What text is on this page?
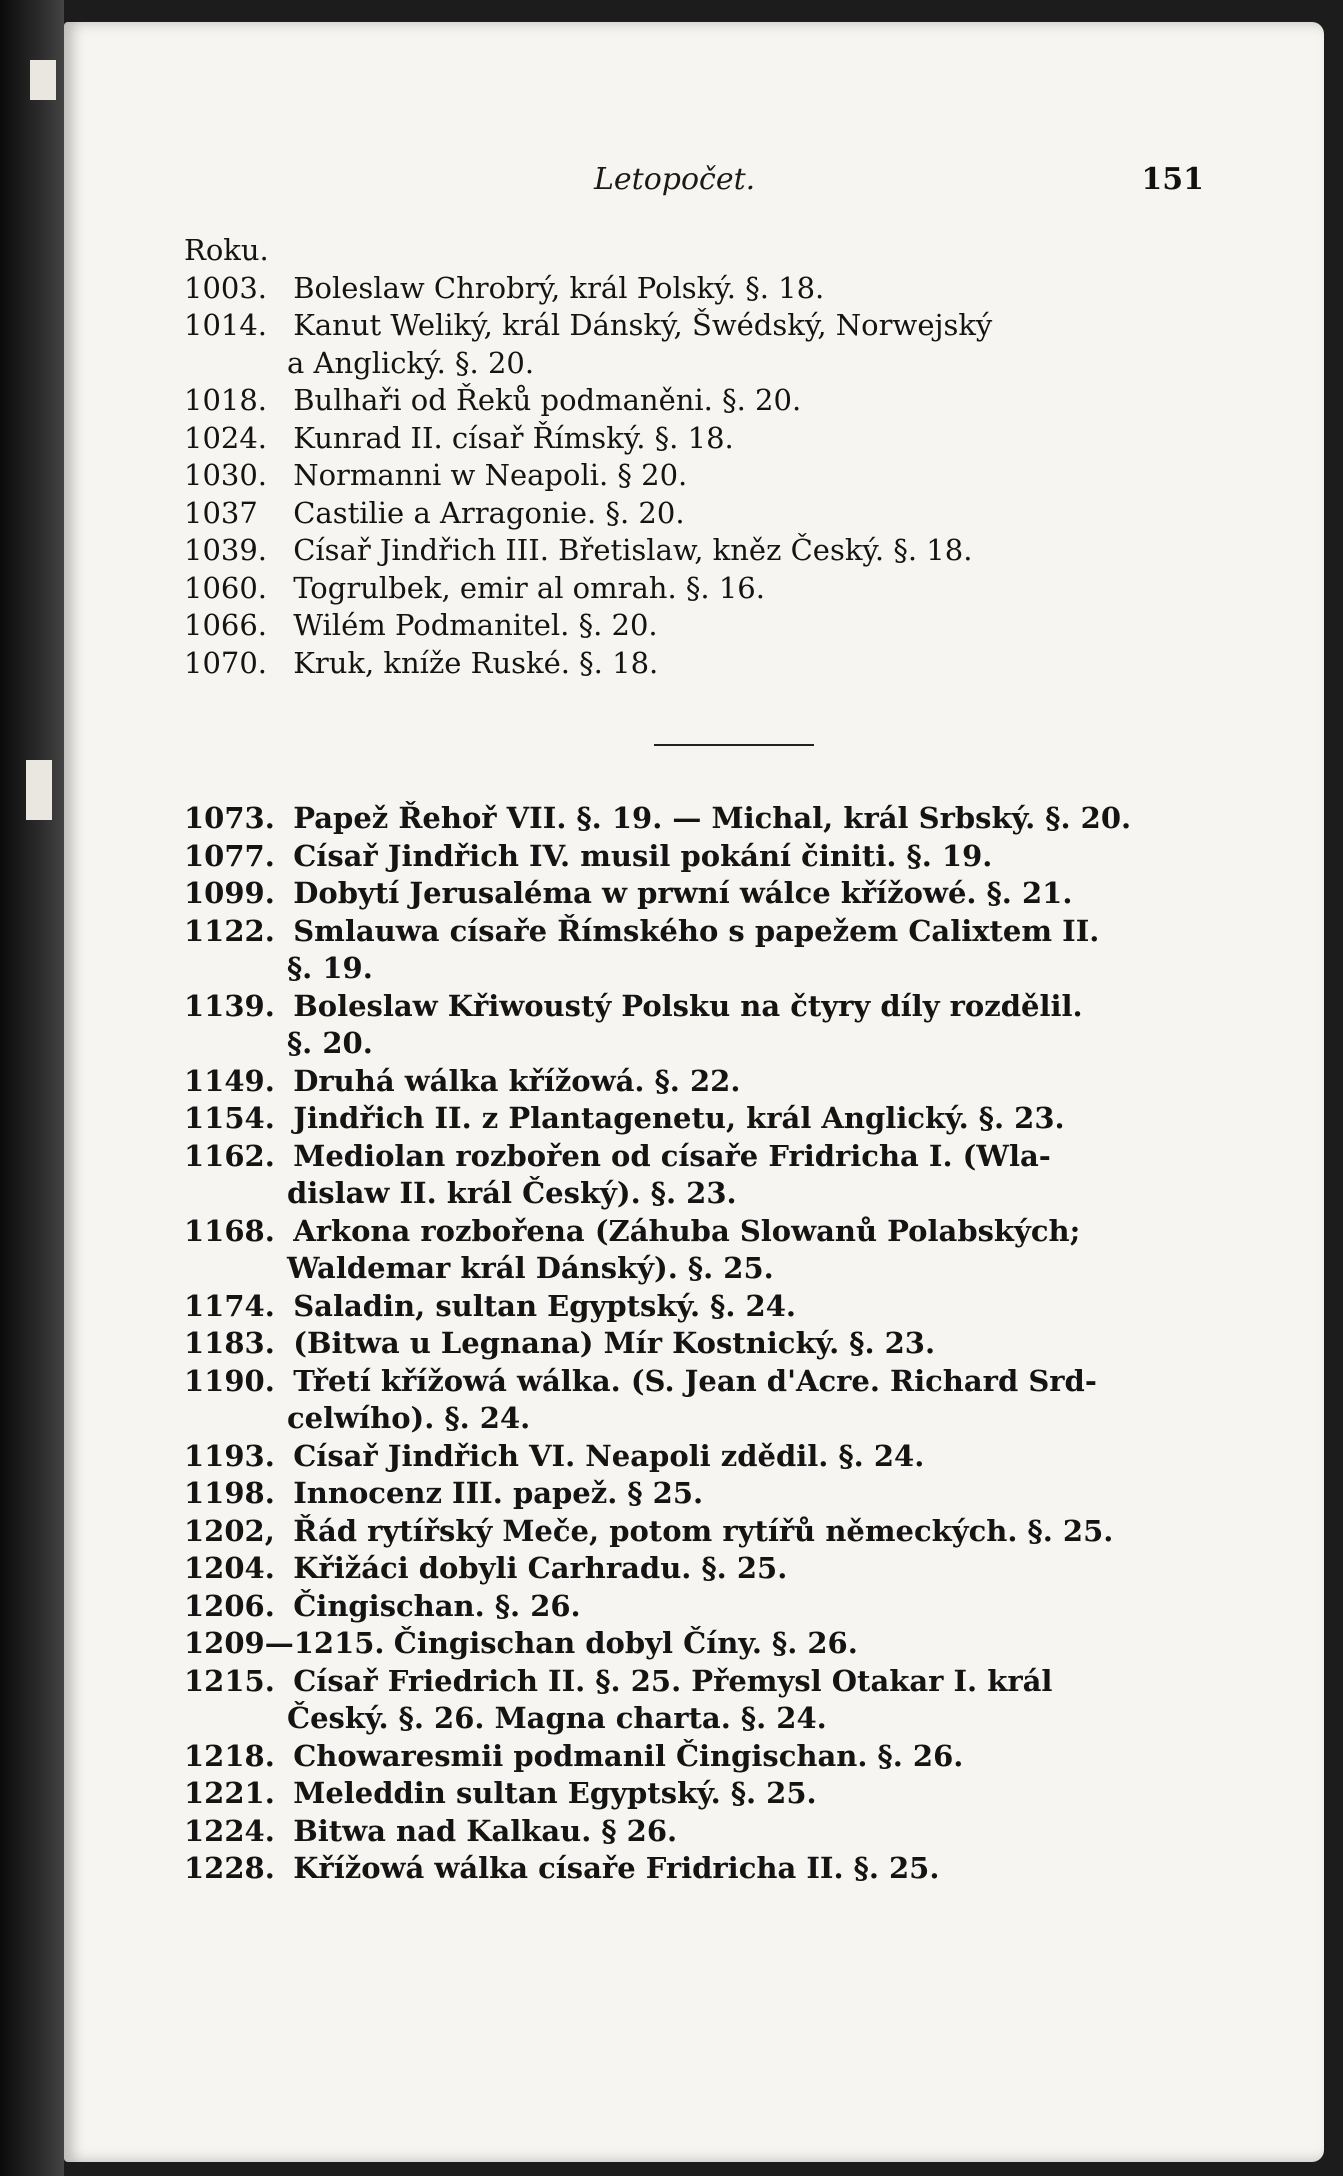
Letopočet.	151
Roku.
1003. Boleslaw Chrobrý, král Polský. §. 18.
1014. Kanut Weliký, král Dánský, Šwédský, Norwejský
a Anglický. §. 20.
1018. Bulhaři od Řeků podmaněni. §. 20.
1024. Kunrad II. císař Římský. §. 18.
1030. Normanni w Neapoli. § 20.
1037 Castilie a Arragonie. §. 20.
1039. Císař Jindřich III. Břetislaw, kněz Český. §. 18.
1060. Togrulbek, emir al omrah. §. 16.
1066. Wilém Podmanitel. §. 20.
1070. Kruk, kníže Ruské. §. 18.
1073. Papež Řehoř VII. §. 19. — Michal, král Srbský. §. 20.
1077. Císař Jindřich IV. musil pokání činiti. §. 19.
1099. Dobytí Jerusaléma w prwní wálce křížowé. §. 21.
1122. Smlauwa císaře Římského s papežem Calixtem II.
§. 19.
1139. Boleslaw Křiwoustý Polsku na čtyry díly rozdělil.
§. 20.
1149. Druhá wálka křížowá. §. 22.
1154. Jindřich II. z Plantagenetu, král Anglický. §. 23.
1162. Mediolan rozbořen od císaře Fridricha I. (Wla-
dislaw II. král Český). §. 23.
1168. Arkona rozbořena (Záhuba Slowanů Polabských;
Waldemar král Dánský). §. 25.
1174. Saladin, sultan Egyptský. §. 24.
1183. (Bitwa u Legnana) Mír Kostnický. §. 23.
1190. Třetí křížowá wálka. (S. Jean d'Acre. Richard Srd-
celwího). §. 24.
1193. Císař Jindřich VI. Neapoli zdědil. §. 24.
1198. Innocenz III. papež. § 25.
1202, Řád rytířský Meče, potom rytířů německých. §. 25.
1204. Křižáci dobyli Carhradu. §. 25.
1206. Čingischan. §. 26.
1209—1215. Čingischan dobyl Číny. §. 26.
1215. Císař Friedrich II. §. 25. Přemysl Otakar I. král
Český. §. 26. Magna charta. §. 24.
1218. Chowaresmii podmanil Čingischan. §. 26.
1221. Meleddin sultan Egyptský. §. 25.
1224. Bitwa nad Kalkau. § 26.
1228. Křížowá wálka císaře Fridricha II. §. 25.
